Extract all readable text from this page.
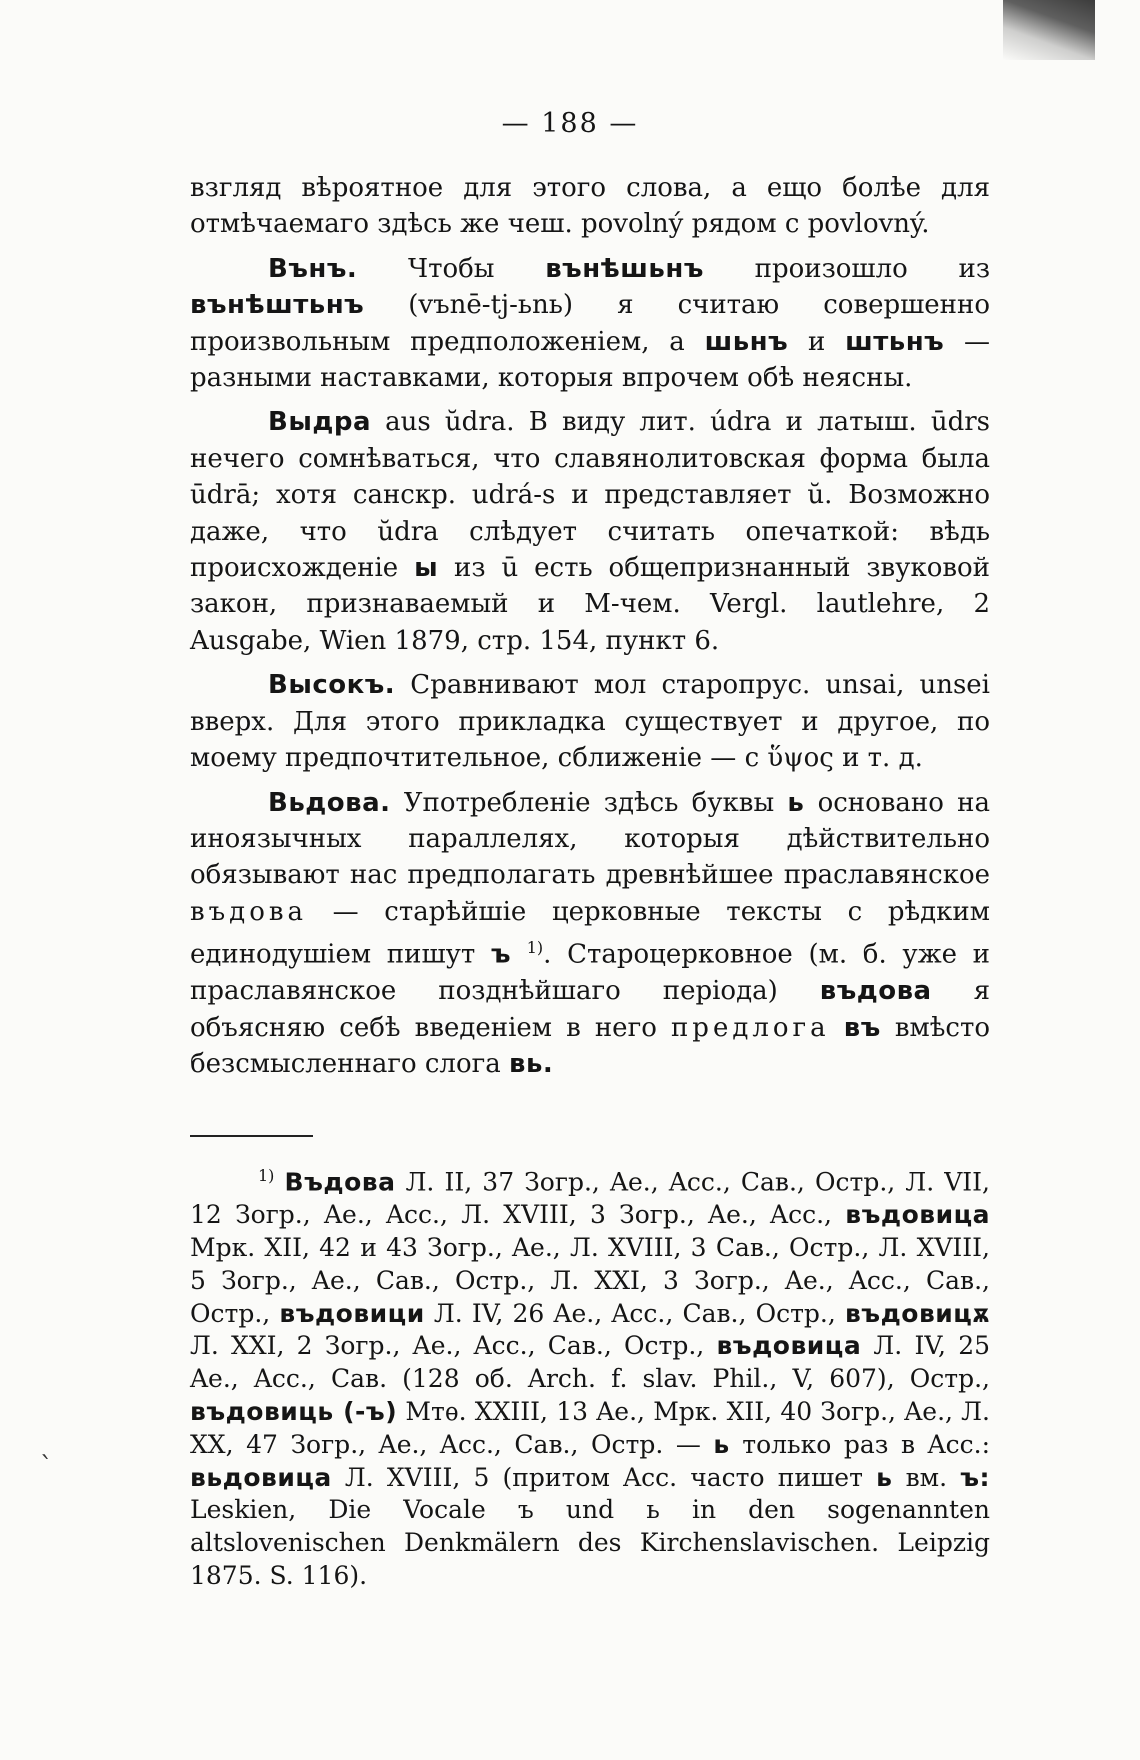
ˋ
— 188 —

взгляд вѣроятное для этого слова, а ещо болѣе для отмѣчаемаго здѣсь же чеш. povolný рядом с povlovný.

Вънъ. Чтобы вънѣшьнъ произошло из вънѣштьнъ (vъnē-tj-ьnь) я считаю совершенно произвольным предположеніем, а шьнъ и штьнъ — разными наставками, которыя впрочем обѣ неясны.

Выдра aus ŭdra. В виду лит. údra и латыш. ūdrs нечего сомнѣваться, что славянолитовская форма была ūdrā; хотя санскр. udrá-s и представляет ŭ. Возможно даже, что ŭdra слѣдует считать опечаткой: вѣдь происхожденіе ы из ū есть общепризнанный звуковой закон, признаваемый и М-чем. Vergl. lautlehre, 2 Ausgabe, Wien 1879, стр. 154, пункт 6.

Высокъ. Сравнивают мол старопрус. unsai, unsei вверх. Для этого прикладка существует и другое, по моему предпочтительное, сближеніе — с ὕψος и т. д.

Вьдова. Употребленіе здѣсь буквы ь основано на иноязычных параллелях, которыя дѣйствительно обязывают нас предполагать древнѣйшее праславянское въдова — старѣйшіе церковные тексты с рѣдким единодушіем пишут ъ $^{1)}$. Староцерковное (м. б. уже и праславянское позднѣйшаго періода) въдова я объясняю себѣ введеніем в него предлога въ вмѣсто безсмысленнаго слога вь.

$^{1)}$ Въдова Л. II, 37 Зогр., Ae., Acc., Сав., Остр., Л. VII, 12 Зогр., Ae., Acc., Л. XVIII, 3 Зогр., Ae., Acc., въдовица Мрк. XII, 42 и 43 Зогр., Ae., Л. XVIII, 3 Сав., Остр., Л. XVIII, 5 Зогр., Ae., Сав., Остр., Л. XXI, 3 Зогр., Ae., Acc., Сав., Остр., въдовици Л. IV, 26 Ae., Acc., Сав., Остр., въдовицѫ Л. XXI, 2 Зогр., Ae., Acc., Сав., Остр., въдовица Л. IV, 25 Ae., Acc., Сав. (128 об. Arch. f. slav. Phil., V, 607), Остр., въдовиць (-ъ) Мтѳ. XXIII, 13 Ae., Мрк. XII, 40 Зогр., Ae., Л. XX, 47 Зогр., Ae., Acc., Сав., Остр. — ь только раз в Acc.: вьдовица Л. XVIII, 5 (притом Acc. часто пишет ь вм. ъ: Leskien, Die Vocale ъ und ь in den sogenannten altslovenischen Denkmälern des Kirchenslavischen. Leipzig 1875. S. 116).
